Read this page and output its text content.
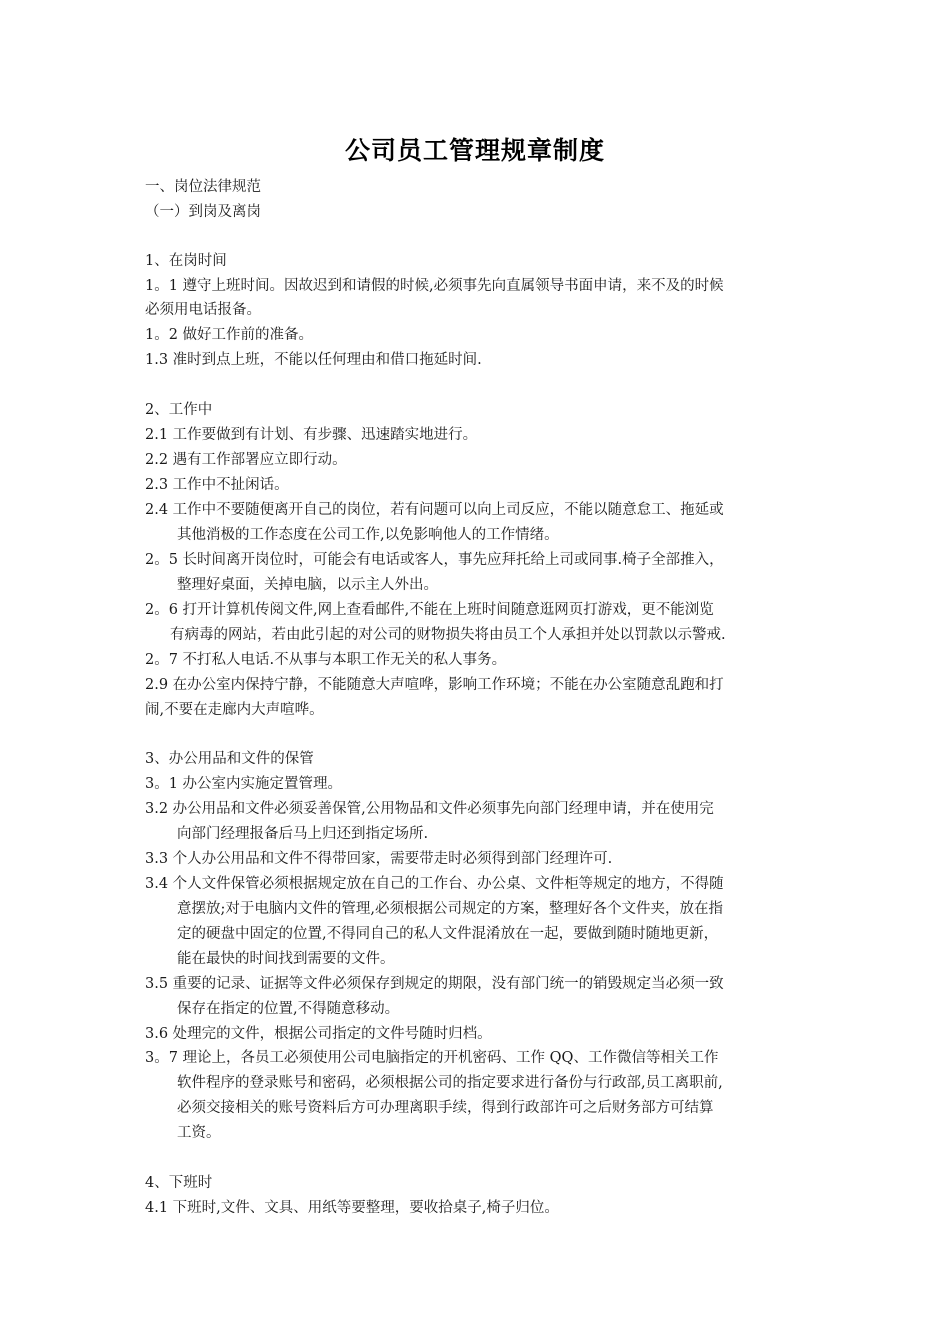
公司员工管理规章制度
一、岗位法律规范
（一）到岗及离岗
1、在岗时间
1。1 遵守上班时间。因故迟到和请假的时候,必须事先向直属领导书面申请，来不及的时候
必须用电话报备。
1。2 做好工作前的准备。
1.3 准时到点上班，不能以任何理由和借口拖延时间.
2、工作中
2.1 工作要做到有计划、有步骤、迅速踏实地进行。
2.2 遇有工作部署应立即行动。
2.3 工作中不扯闲话。
2.4 工作中不要随便离开自己的岗位，若有问题可以向上司反应，不能以随意怠工、拖延或
其他消极的工作态度在公司工作,以免影响他人的工作情绪。
2。5 长时间离开岗位时，可能会有电话或客人，事先应拜托给上司或同事.椅子全部推入，
整理好桌面，关掉电脑，以示主人外出。
2。6 打开计算机传阅文件,网上查看邮件,不能在上班时间随意逛网页打游戏，更不能浏览
有病毒的网站，若由此引起的对公司的财物损失将由员工个人承担并处以罚款以示警戒.
2。7 不打私人电话.不从事与本职工作无关的私人事务。
2.9 在办公室内保持宁静，不能随意大声喧哗，影响工作环境；不能在办公室随意乱跑和打
闹,不要在走廊内大声喧哗。
3、办公用品和文件的保管
3。1 办公室内实施定置管理。
3.2 办公用品和文件必须妥善保管,公用物品和文件必须事先向部门经理申请，并在使用完
向部门经理报备后马上归还到指定场所.
3.3 个人办公用品和文件不得带回家，需要带走时必须得到部门经理许可.
3.4 个人文件保管必须根据规定放在自己的工作台、办公桌、文件柜等规定的地方，不得随
意摆放;对于电脑内文件的管理,必须根据公司规定的方案，整理好各个文件夹，放在指
定的硬盘中固定的位置,不得同自己的私人文件混淆放在一起，要做到随时随地更新，
能在最快的时间找到需要的文件。
3.5 重要的记录、证据等文件必须保存到规定的期限，没有部门统一的销毁规定当必须一致
保存在指定的位置,不得随意移动。
3.6 处理完的文件，根据公司指定的文件号随时归档。
3。7 理论上，各员工必须使用公司电脑指定的开机密码、工作 QQ、工作微信等相关工作
软件程序的登录账号和密码，必须根据公司的指定要求进行备份与行政部,员工离职前,
必须交接相关的账号资料后方可办理离职手续，得到行政部许可之后财务部方可结算
工资。
4、下班时
4.1 下班时,文件、文具、用纸等要整理，要收拾桌子,椅子归位。
